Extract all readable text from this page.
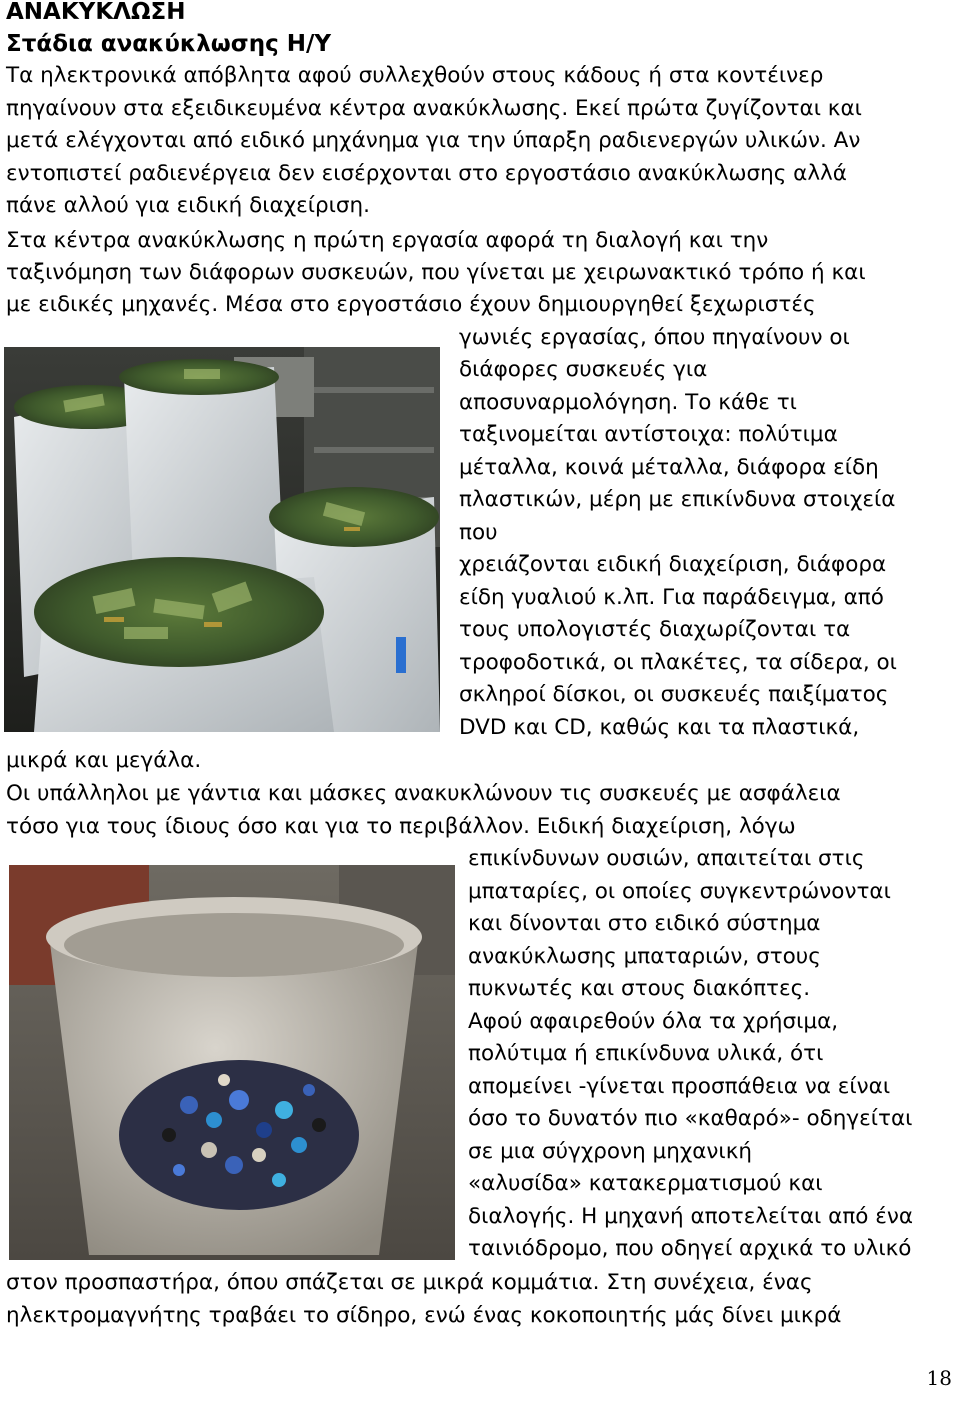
ΑΝΑΚΥΚΛΩΣΗ
Στάδια ανακύκλωσης Η/Υ
Τα ηλεκτρονικά απόβλητα αφού συλλεχθούν στους κάδους ή στα κοντέινερ
πηγαίνουν στα εξειδικευμένα κέντρα ανακύκλωσης. Εκεί πρώτα ζυγίζονται και
μετά ελέγχονται από ειδικό μηχάνημα για την ύπαρξη ραδιενεργών υλικών. Αν
εντοπιστεί ραδιενέργεια δεν εισέρχονται στο εργοστάσιο ανακύκλωσης αλλά
πάνε αλλού για ειδική διαχείριση.
Στα κέντρα ανακύκλωσης η πρώτη εργασία αφορά τη διαλογή και την
ταξινόμηση των διάφορων συσκευών, που γίνεται με χειρωνακτικό τρόπο ή και
με ειδικές μηχανές. Μέσα στο εργοστάσιο έχουν δημιουργηθεί ξεχωριστές
γωνιές εργασίας, όπου πηγαίνουν οι
διάφορες συσκευές για
αποσυναρμολόγηση. Το κάθε τι
ταξινομείται αντίστοιχα: πολύτιμα
μέταλλα, κοινά μέταλλα, διάφορα είδη
πλαστικών, μέρη με επικίνδυνα στοιχεία
που
χρειάζονται ειδική διαχείριση, διάφορα
είδη γυαλιού κ.λπ. Για παράδειγμα, από
τους υπολογιστές διαχωρίζονται τα
τροφοδοτικά, οι πλακέτες, τα σίδερα, οι
σκληροί δίσκοι, οι συσκευές παιξίματος
DVD και CD, καθώς και τα πλαστικά,
μικρά και μεγάλα.
Οι υπάλληλοι με γάντια και μάσκες ανακυκλώνουν τις συσκευές με ασφάλεια
τόσο για τους ίδιους όσο και για το περιβάλλον. Ειδική διαχείριση, λόγω
επικίνδυνων ουσιών, απαιτείται στις
μπαταρίες, οι οποίες συγκεντρώνονται
και δίνονται στο ειδικό σύστημα
ανακύκλωσης μπαταριών, στους
πυκνωτές και στους διακόπτες.
Αφού αφαιρεθούν όλα τα χρήσιμα,
πολύτιμα ή επικίνδυνα υλικά, ότι
απομείνει -γίνεται προσπάθεια να είναι
όσο το δυνατόν πιο «καθαρό»- οδηγείται
σε μια σύγχρονη μηχανική
«αλυσίδα» κατακερματισμού και
διαλογής. Η μηχανή αποτελείται από ένα
ταινιόδρομο, που οδηγεί αρχικά το υλικό
στον προσπαστήρα, όπου σπάζεται σε μικρά κομμάτια. Στη συνέχεια, ένας
ηλεκτρομαγνήτης τραβάει το σίδηρο, ενώ ένας κοκοποιητής μάς δίνει μικρά
18
